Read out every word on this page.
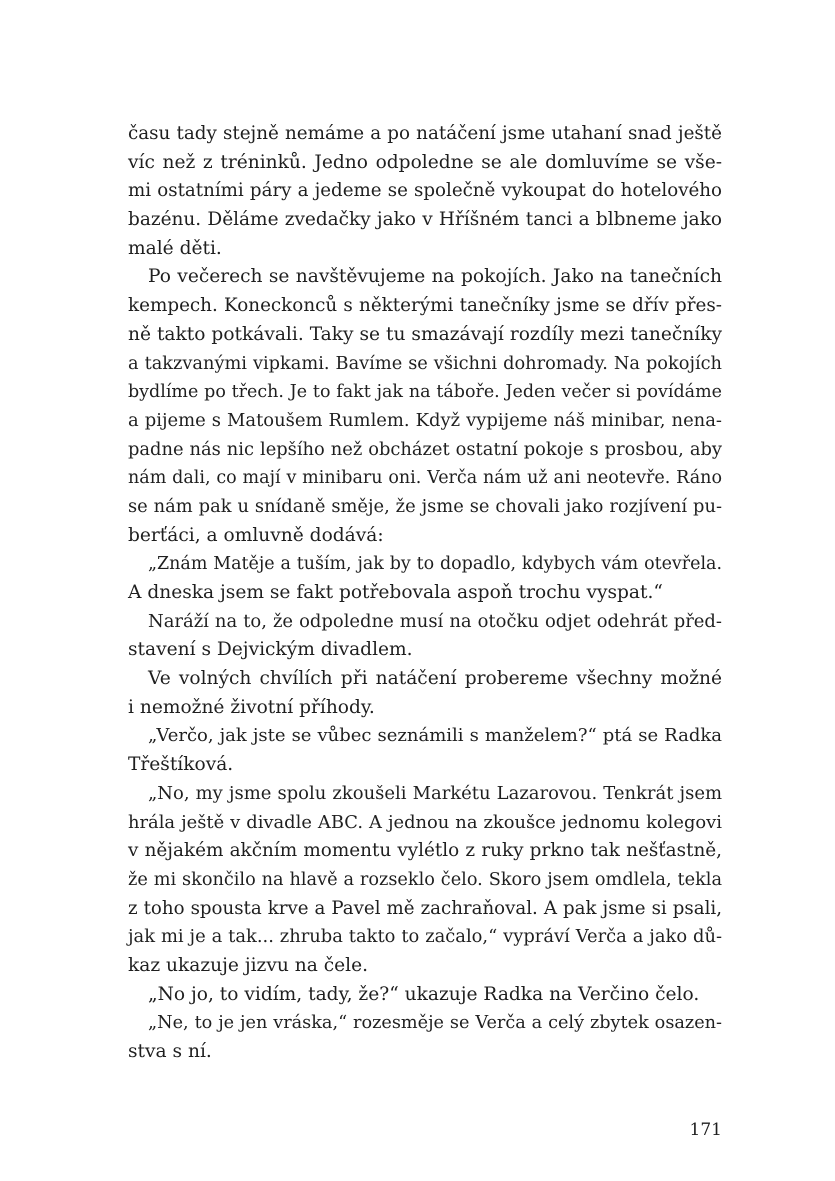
času tady stejně nemáme a po natáčení jsme utahaní snad ještě
víc než z tréninků. Jedno odpoledne se ale domluvíme se vše-
mi ostatními páry a jedeme se společně vykoupat do hotelového
bazénu. Děláme zvedačky jako v Hříšném tanci a blbneme jako
malé děti.
Po večerech se navštěvujeme na pokojích. Jako na tanečních
kempech. Koneckonců s některými tanečníky jsme se dřív přes-
ně takto potkávali. Taky se tu smazávají rozdíly mezi tanečníky
a takzvanými vipkami. Bavíme se všichni dohromady. Na pokojích
bydlíme po třech. Je to fakt jak na táboře. Jeden večer si povídáme
a pijeme s Matoušem Rumlem. Když vypijeme náš minibar, nena-
padne nás nic lepšího než obcházet ostatní pokoje s prosbou, aby
nám dali, co mají v minibaru oni. Verča nám už ani neotevře. Ráno
se nám pak u snídaně směje, že jsme se chovali jako rozjívení pu-
berťáci, a omluvně dodává:
„Znám Matěje a tuším, jak by to dopadlo, kdybych vám otevřela.
A dneska jsem se fakt potřebovala aspoň trochu vyspat.“
Naráží na to, že odpoledne musí na otočku odjet odehrát před-
stavení s Dejvickým divadlem.
Ve volných chvílích při natáčení probereme všechny možné
i nemožné životní příhody.
„Verčo, jak jste se vůbec seznámili s manželem?“ ptá se Radka
Třeštíková.
„No, my jsme spolu zkoušeli Markétu Lazarovou. Tenkrát jsem
hrála ještě v divadle ABC. A jednou na zkoušce jednomu kolegovi
v nějakém akčním momentu vylétlo z ruky prkno tak nešťastně,
že mi skončilo na hlavě a rozseklo čelo. Skoro jsem omdlela, tekla
z toho spousta krve a Pavel mě zachraňoval. A pak jsme si psali,
jak mi je a tak... zhruba takto to začalo,“ vypráví Verča a jako dů-
kaz ukazuje jizvu na čele.
„No jo, to vidím, tady, že?“ ukazuje Radka na Verčino čelo.
„Ne, to je jen vráska,“ rozesměje se Verča a celý zbytek osazen-
stva s ní.
171
